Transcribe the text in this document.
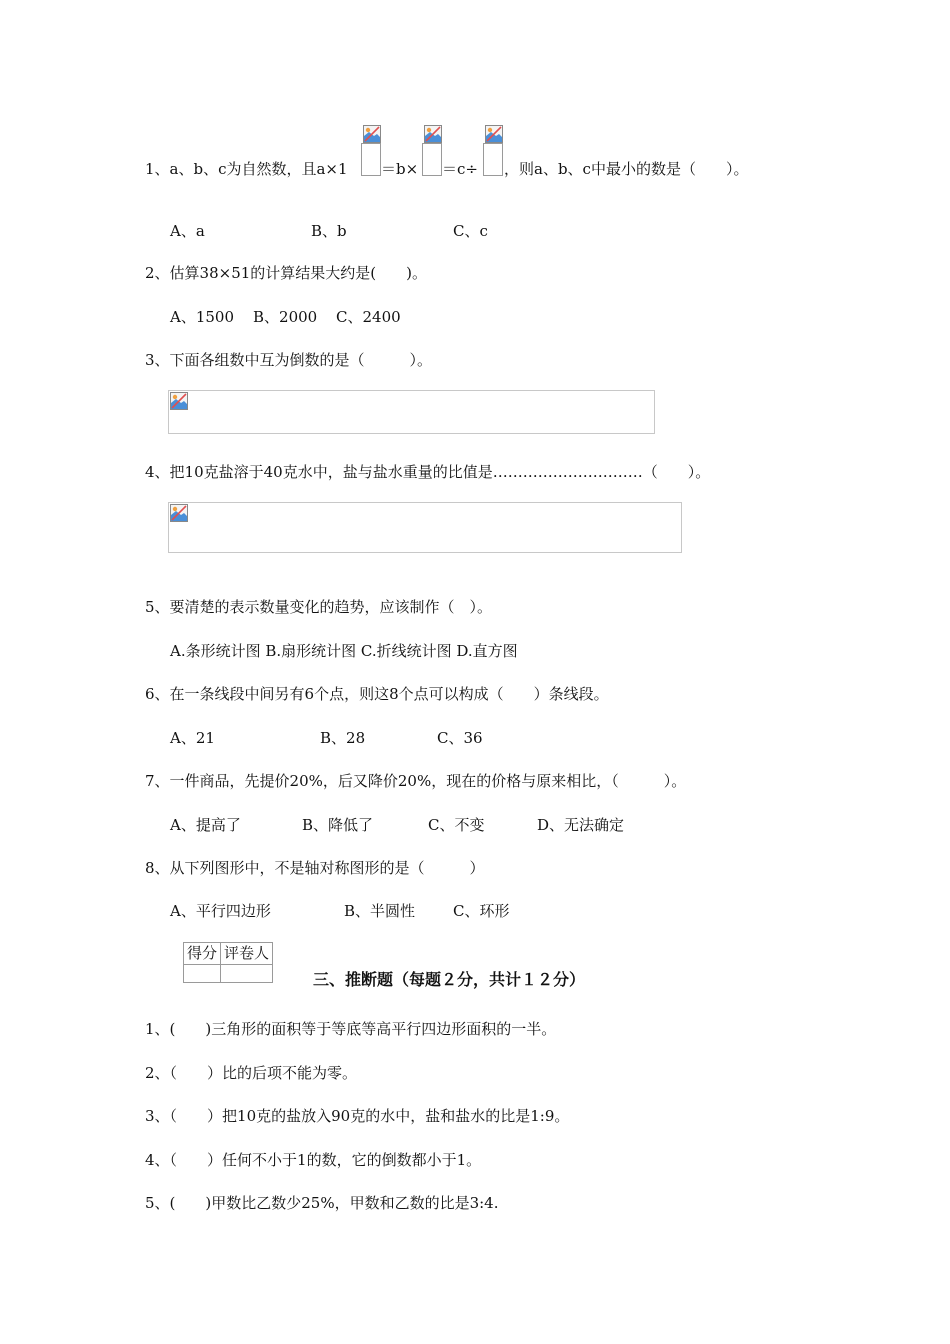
1、a、b、c为自然数，且a×1 ＝b× ＝c÷ ，则a、b、c中最小的数是（　　）。
A、a	B、b	C、c
2、估算38×51的计算结果大约是(　　)。
A、1500 B、2000 C、2400
3、下面各组数中互为倒数的是（　　　）。
4、把10克盐溶于40克水中，盐与盐水重量的比值是…………………………（　　）。
5、要清楚的表示数量变化的趋势，应该制作（　）。
A.条形统计图 B.扇形统计图 C.折线统计图 D.直方图
6、在一条线段中间另有6个点，则这8个点可以构成（　　）条线段。
A、21	B、28	C、36
7、一件商品，先提价20%，后又降价20%，现在的价格与原来相比，（　　　）。
A、提高了	B、降低了	C、不变	D、无法确定
8、从下列图形中，不是轴对称图形的是（　　　）
A、平行四边形	B、半圆性	C、环形
得分	评卷人

三、推断题（每题２分，共计１２分）
1、(　　)三角形的面积等于等底等高平行四边形面积的一半。
2、（　　）比的后项不能为零。
3、（　　）把10克的盐放入90克的水中，盐和盐水的比是1:9。
4、（　　）任何不小于1的数，它的倒数都小于1。
5、(　　)甲数比乙数少25%，甲数和乙数的比是3:4.
